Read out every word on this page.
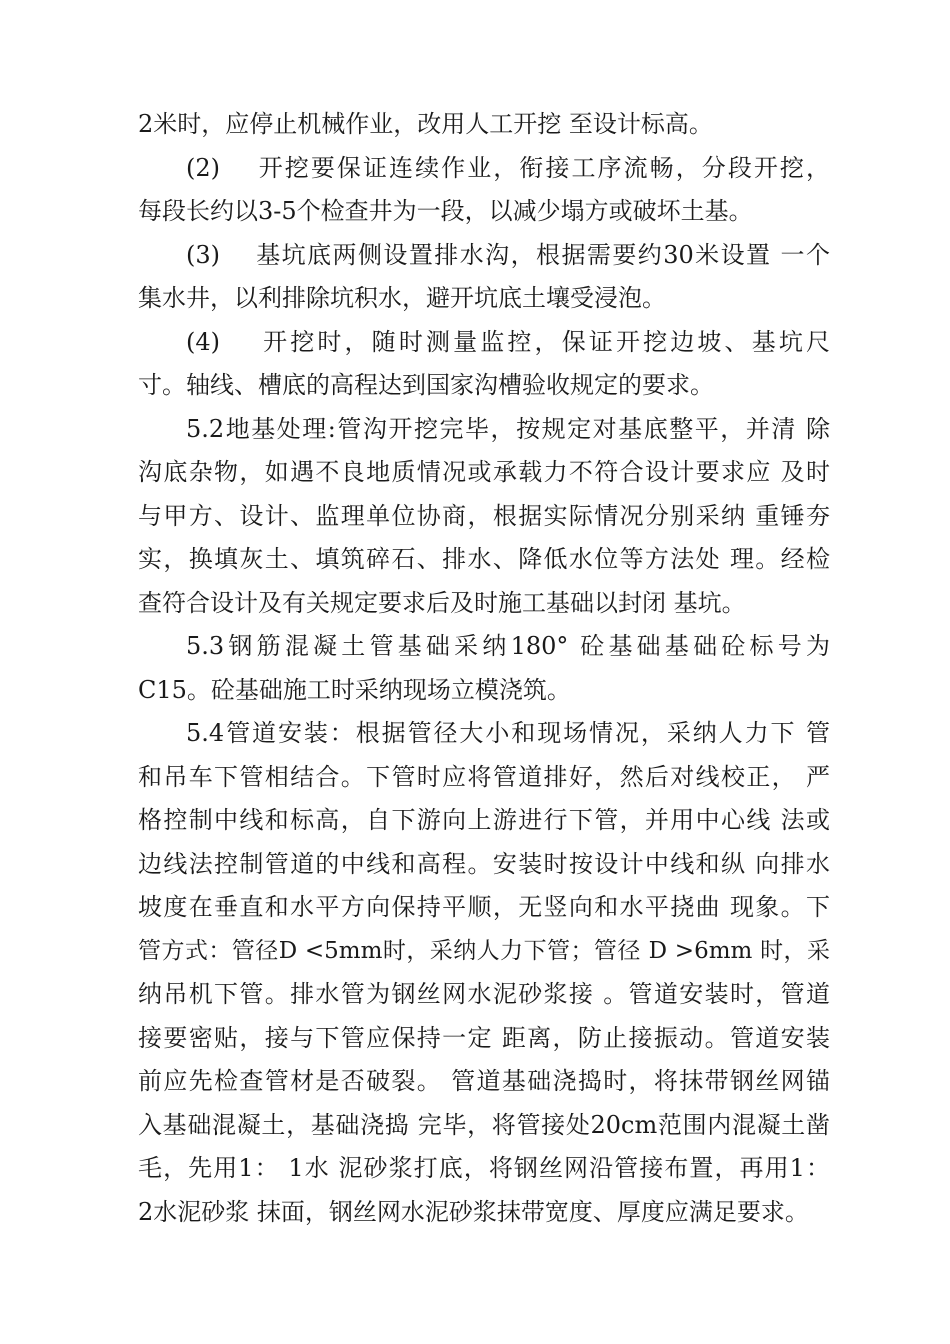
2米时，应停止机械作业，改用人工开挖 至设计标高。
(2)    开挖要保证连续作业，衔接工序流畅，分段开挖，
每段长约以3-5个检查井为一段，以减少塌方或破坏土基。
(3)    基坑底两侧设置排水沟，根据需要约30米设置 一个
集水井，以利排除坑积水，避开坑底土壤受浸泡。
(4)    开挖时，随时测量监控，保证开挖边坡、基坑尺
寸。轴线、槽底的高程达到国家沟槽验收规定的要求。
5.2地基处理:管沟开挖完毕，按规定对基底整平，并清 除
沟底杂物，如遇不良地质情况或承载力不符合设计要求应 及时
与甲方、设计、监理单位协商，根据实际情况分别采纳 重锤夯
实，换填灰土、填筑碎石、排水、降低水位等方法处 理。经检
查符合设计及有关规定要求后及时施工基础以封闭 基坑。
5.3钢筋混凝土管基础采纳180° 砼基础基础砼标号为
C15。砼基础施工时采纳现场立模浇筑。
5.4管道安装：根据管径大小和现场情况，采纳人力下 管
和吊车下管相结合。下管时应将管道排好，然后对线校正， 严
格控制中线和标高，自下游向上游进行下管，并用中心线 法或
边线法控制管道的中线和高程。安装时按设计中线和纵 向排水
坡度在垂直和水平方向保持平顺，无竖向和水平挠曲 现象。下
管方式：管径D <5mm时，采纳人力下管；管径 D >6mm 时，采
纳吊机下管。排水管为钢丝网水泥砂浆接 。管道安装时，管道
接要密贴，接与下管应保持一定 距离，防止接振动。管道安装
前应先检查管材是否破裂。 管道基础浇捣时，将抹带钢丝网锚
入基础混凝土，基础浇捣 完毕，将管接处20cm范围内混凝土凿
毛，先用1： 1水 泥砂浆打底，将钢丝网沿管接布置，再用1：
2水泥砂浆 抹面，钢丝网水泥砂浆抹带宽度、厚度应满足要求。
